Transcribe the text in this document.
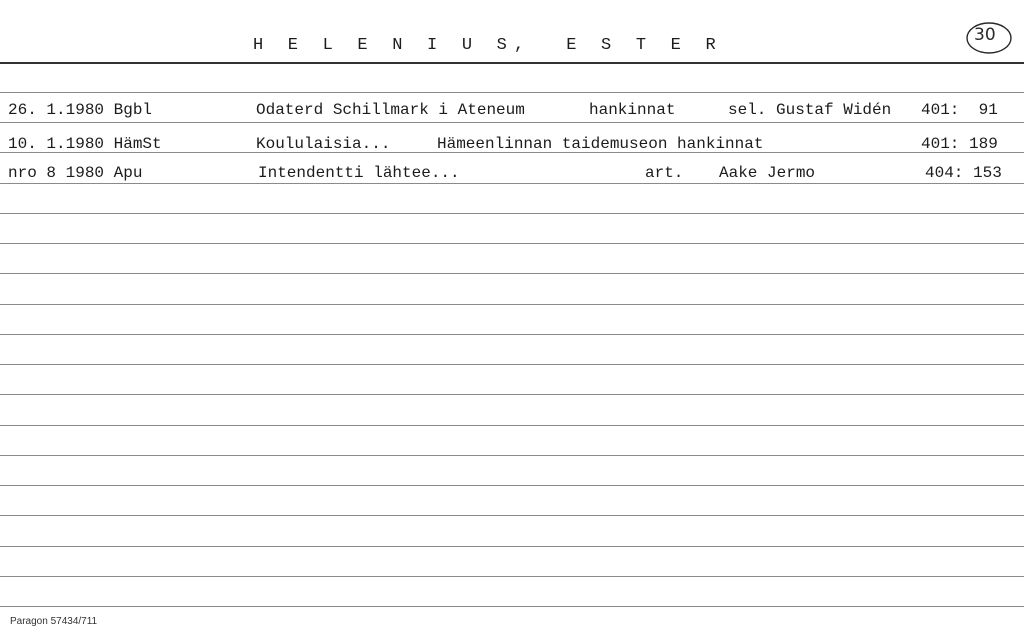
H E L E N I U S,  E S T E R
30
26. 1.1980 Bgbl	Odaterd Schillmark i Ateneum	hankinnat	sel. Gustaf Widén 401:  91
10. 1.1980 HämSt	Koululaisia...	Hämeenlinnan taidemuseon hankinnat	401: 189
nro 8 1980 Apu	Intendentti lähtee...	art. Aake Jermo	404: 153
Paragon 57434/711
